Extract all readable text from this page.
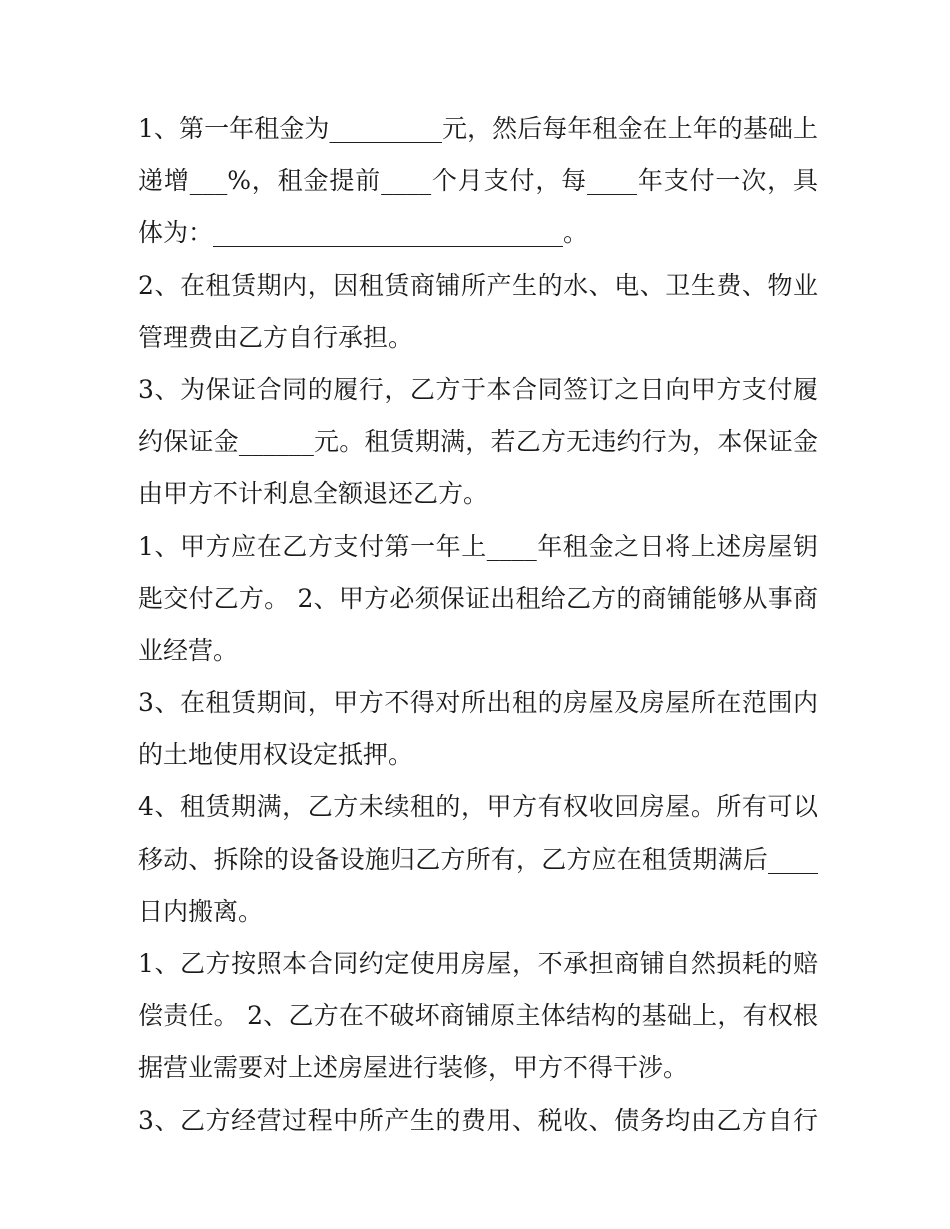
1、第一年租金为_________元，然后每年租金在上年的基础上
递增___%，租金提前____个月支付，每____年支付一次，具
体为：____________________________。
2、在租赁期内，因租赁商铺所产生的水、电、卫生费、物业
管理费由乙方自行承担。
3、为保证合同的履行，乙方于本合同签订之日向甲方支付履
约保证金______元。租赁期满，若乙方无违约行为，本保证金
由甲方不计利息全额退还乙方。
1、甲方应在乙方支付第一年上____年租金之日将上述房屋钥
匙交付乙方。 2、甲方必须保证出租给乙方的商铺能够从事商
业经营。
3、在租赁期间，甲方不得对所出租的房屋及房屋所在范围内
的土地使用权设定抵押。
4、租赁期满，乙方未续租的，甲方有权收回房屋。所有可以
移动、拆除的设备设施归乙方所有，乙方应在租赁期满后____
日内搬离。
1、乙方按照本合同约定使用房屋，不承担商铺自然损耗的赔
偿责任。 2、乙方在不破坏商铺原主体结构的基础上，有权根
据营业需要对上述房屋进行装修，甲方不得干涉。
3、乙方经营过程中所产生的费用、税收、债务均由乙方自行
